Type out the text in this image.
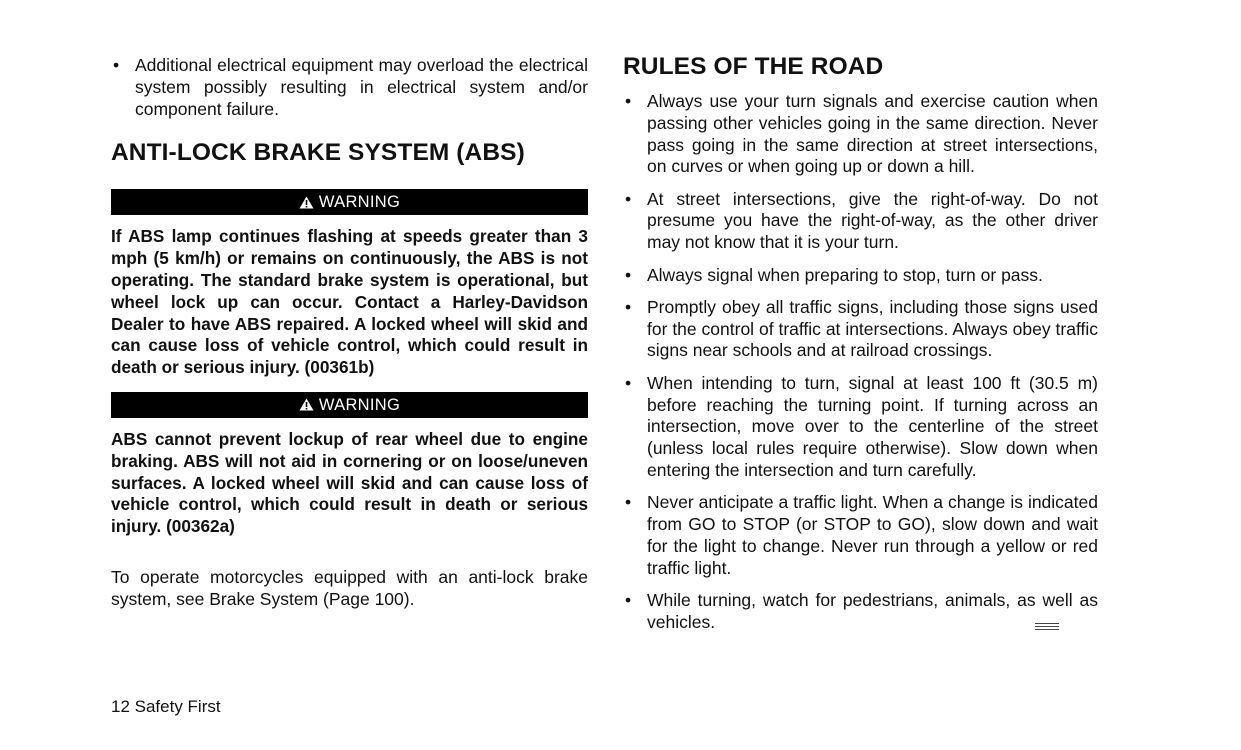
• Additional electrical equipment may overload the electrical system possibly resulting in electrical system and/or component failure.
ANTI-LOCK BRAKE SYSTEM (ABS)
WARNING

If ABS lamp continues flashing at speeds greater than 3 mph (5 km/h) or remains on continuously, the ABS is not operating. The standard brake system is operational, but wheel lock up can occur. Contact a Harley-Davidson Dealer to have ABS repaired. A locked wheel will skid and can cause loss of vehicle control, which could result in death or serious injury. (00361b)

WARNING

ABS cannot prevent lockup of rear wheel due to engine braking. ABS will not aid in cornering or on loose/uneven surfaces. A locked wheel will skid and can cause loss of vehicle control, which could result in death or serious injury. (00362a)

To operate motorcycles equipped with an anti-lock brake system, see Brake System (Page 100).

RULES OF THE ROAD
• Always use your turn signals and exercise caution when passing other vehicles going in the same direction. Never pass going in the same direction at street intersections, on curves or when going up or down a hill.
• At street intersections, give the right-of-way. Do not presume you have the right-of-way, as the other driver may not know that it is your turn.
• Always signal when preparing to stop, turn or pass.
• Promptly obey all traffic signs, including those signs used for the control of traffic at intersections. Always obey traffic signs near schools and at railroad crossings.
• When intending to turn, signal at least 100 ft (30.5 m) before reaching the turning point. If turning across an intersection, move over to the centerline of the street (unless local rules require otherwise). Slow down when entering the intersection and turn carefully.
• Never anticipate a traffic light. When a change is indicated from GO to STOP (or STOP to GO), slow down and wait for the light to change. Never run through a yellow or red traffic light.
• While turning, watch for pedestrians, animals, as well as vehicles.
12 Safety First
